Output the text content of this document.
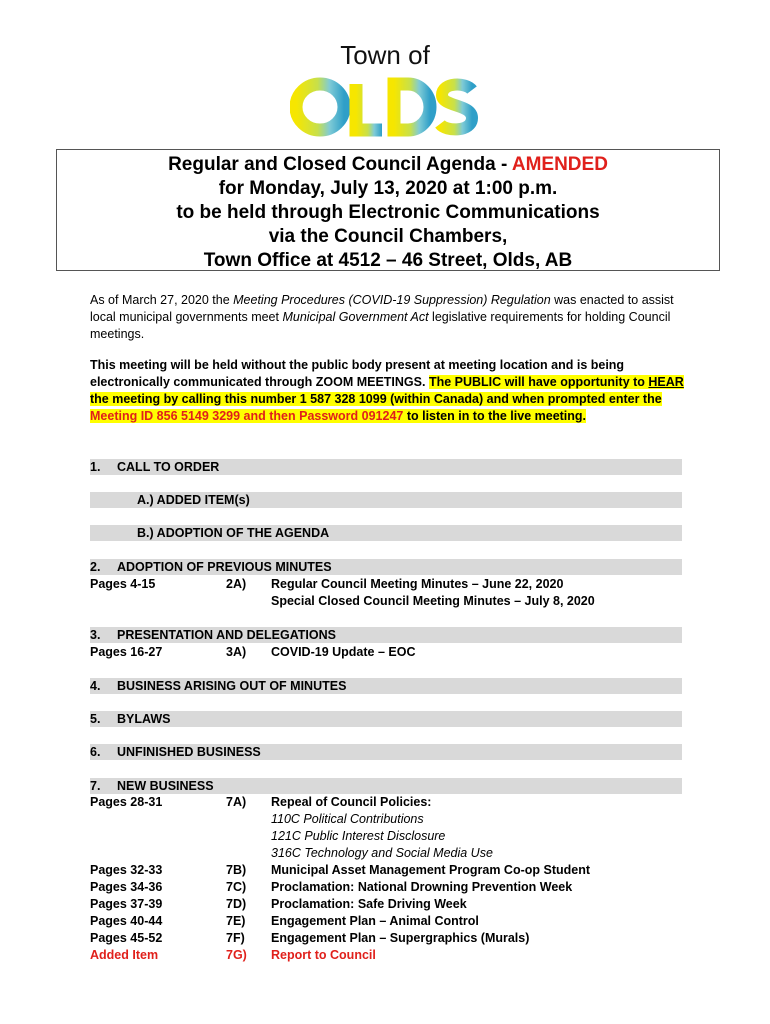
Town of
OLDS
Regular and Closed Council Agenda - AMENDED
for Monday, July 13, 2020 at 1:00 p.m.
to be held through Electronic Communications
via the Council Chambers,
Town Office at 4512 – 46 Street, Olds, AB
As of March 27, 2020 the Meeting Procedures (COVID-19 Suppression) Regulation was enacted to assist local municipal governments meet Municipal Government Act legislative requirements for holding Council meetings.
This meeting will be held without the public body present at meeting location and is being electronically communicated through ZOOM MEETINGS. The PUBLIC will have opportunity to HEAR the meeting by calling this number 1 587 328 1099 (within Canada) and when prompted enter the Meeting ID 856 5149 3299 and then Password 091247 to listen in to the live meeting.
1. CALL TO ORDER
A.) ADDED ITEM(s)
B.) ADOPTION OF THE AGENDA
2. ADOPTION OF PREVIOUS MINUTES
Pages 4-15	2A) Regular Council Meeting Minutes – June 22, 2020
Special Closed Council Meeting Minutes – July 8, 2020
3. PRESENTATION AND DELEGATIONS
Pages 16-27	3A) COVID-19 Update – EOC
4. BUSINESS ARISING OUT OF MINUTES
5. BYLAWS
6. UNFINISHED BUSINESS
7. NEW BUSINESS
Pages 28-31	7A) Repeal of Council Policies:
110C Political Contributions
121C Public Interest Disclosure
316C Technology and Social Media Use
Pages 32-33	7B) Municipal Asset Management Program Co-op Student
Pages 34-36	7C) Proclamation: National Drowning Prevention Week
Pages 37-39	7D) Proclamation: Safe Driving Week
Pages 40-44	7E) Engagement Plan – Animal Control
Pages 45-52	7F) Engagement Plan – Supergraphics (Murals)
Added Item	7G) Report to Council
